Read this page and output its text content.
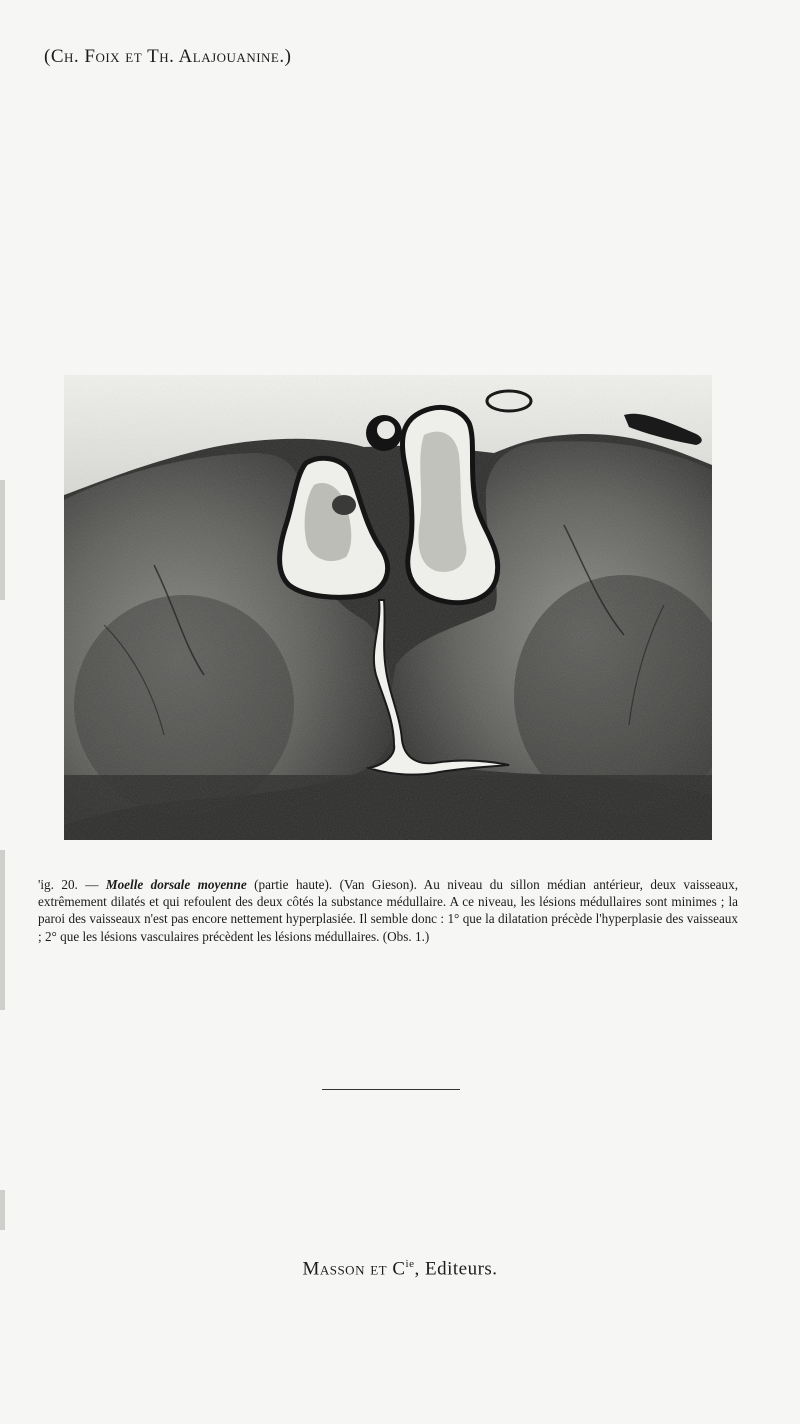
(Ch. Foix et Th. Alajouanine.)
'ig. 20. — Moelle dorsale moyenne (partie haute). (Van Gieson). Au niveau du sillon médian antérieur, deux vaisseaux, extrêmement dilatés et qui refoulent des deux côtés la substance médullaire. A ce niveau, les lésions médullaires sont minimes ; la paroi des vaisseaux n'est pas encore nettement hyperplasiée. Il semble donc : 1° que la dilatation précède l'hyperplasie des vaisseaux ; 2° que les lésions vasculaires précèdent les lésions médullaires. (Obs. 1.)
Masson et $C^{ie}$, Editeurs.
